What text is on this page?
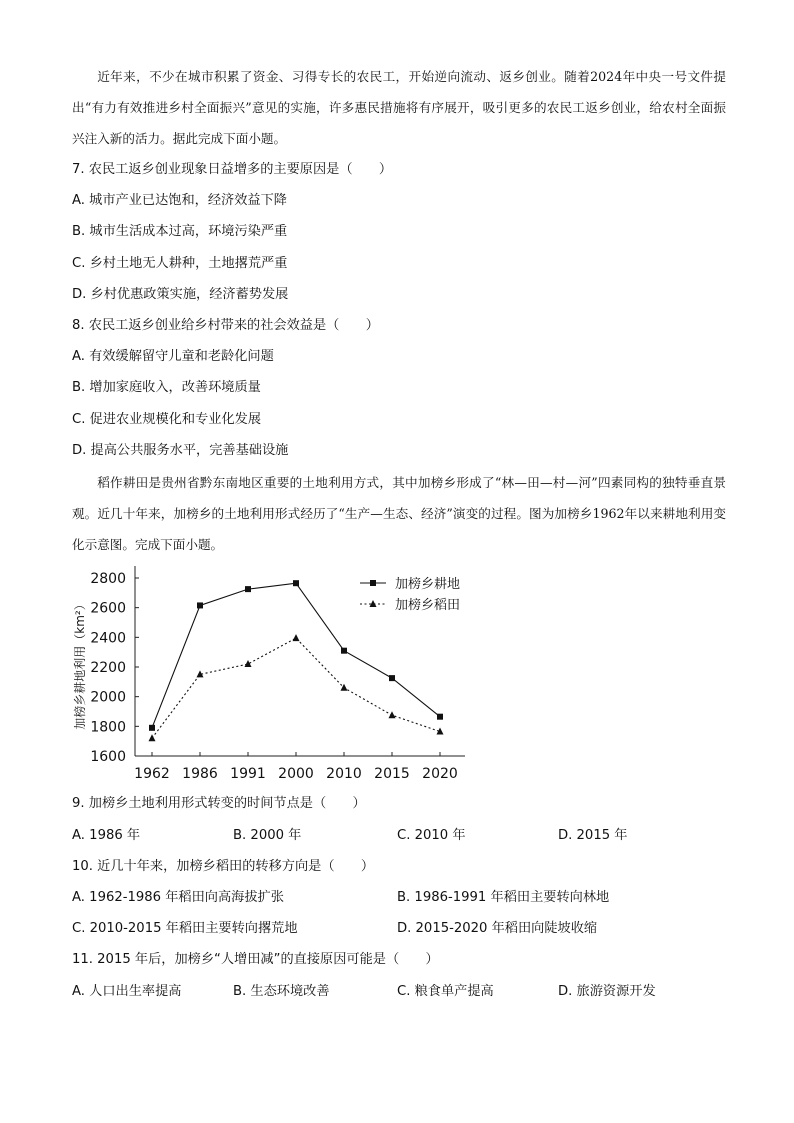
近年来，不少在城市积累了资金、习得专长的农民工，开始逆向流动、返乡创业。随着2024年中央一号文件提出“有力有效推进乡村全面振兴”意见的实施，许多惠民措施将有序展开，吸引更多的农民工返乡创业，给农村全面振兴注入新的活力。据此完成下面小题。

7. 农民工返乡创业现象日益增多的主要原因是（　　）
A. 城市产业已达饱和，经济效益下降
B. 城市生活成本过高，环境污染严重
C. 乡村土地无人耕种，土地撂荒严重
D. 乡村优惠政策实施，经济蓄势发展
8. 农民工返乡创业给乡村带来的社会效益是（　　）
A. 有效缓解留守儿童和老龄化问题
B. 增加家庭收入，改善环境质量
C. 促进农业规模化和专业化发展
D. 提高公共服务水平，完善基础设施

稻作耕田是贵州省黔东南地区重要的土地利用方式，其中加榜乡形成了“林—田—村—河”四素同构的独特垂直景观。近几十年来，加榜乡的土地利用形式经历了“生产—生态、经济”演变的过程。图为加榜乡1962年以来耕地利用变化示意图。完成下面小题。

1600
1800
2000
2200
2400
2600
2800
1962 1986 1991 2000 2010 2015 2020
加榜乡耕地利用（km²）
加榜乡耕地
加榜乡稻田
9. 加榜乡土地利用形式转变的时间节点是（　　）
A. 1986 年	B. 2000 年	C. 2010 年	D. 2015 年
10. 近几十年来，加榜乡稻田的转移方向是（　　）
A. 1962-1986 年稻田向高海拔扩张	B. 1986-1991 年稻田主要转向林地
C. 2010-2015 年稻田主要转向撂荒地	D. 2015-2020 年稻田向陡坡收缩
11. 2015 年后，加榜乡“人增田减”的直接原因可能是（　　）
A. 人口出生率提高	B. 生态环境改善	C. 粮食单产提高	D. 旅游资源开发
